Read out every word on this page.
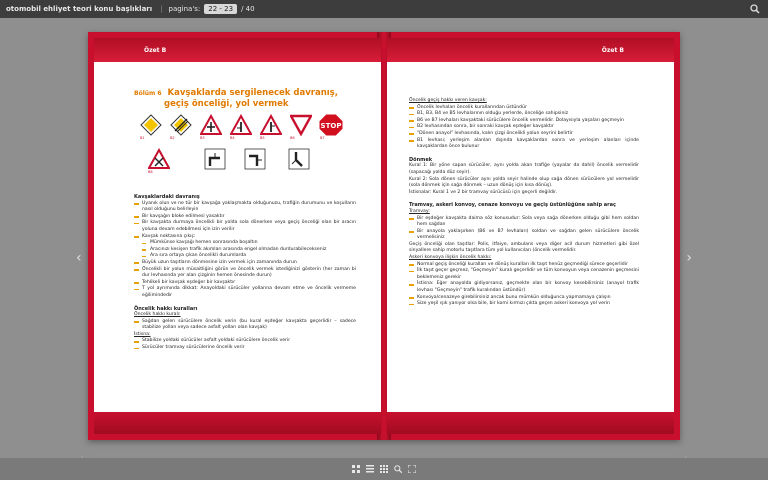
otomobil ehliyet teori konu başlıkları | pagina's:	22 - 23	/ 40
‹	›
Özet B
Bölüm 6 Kavşaklarda sergilenecek davranış,
geçiş önceliği, yol vermek
STOP
B1	B2	B3	B4	B5	B6	B7
B8
Kavşaklardaki davranış
Uyanık olun ve ne tür bir kavşağa yaklaşmakta olduğunuzu, trafiğin durumunu ve koşulların nasıl olduğunu belirleyin
Bir kavşağın bloke edilmesi yasaktır
Bir kavşakta durmaya öncelikli bir yolda sola dönerken veya geçiş önceliği olan bir aracın yoluna devam edebilmesi için izin verilir
Kavşak noktasına çıkış:
Mümkünse kavşağı hemen sonrasında boşaltın
Aracınızı kesişen trafik akımları arasında engel olmadan durdurabilecekseniz
Ara sıra ortaya çıkan öncelikli durumlarda
Büyük uzun taşıtların dönmesine izin vermek için zamanında durun
Öncelikli bir yolun müsaitliğini görün ve öncelik vermek istediğinizi gösterin (her zaman bi dur levhasında yer alan çizginin hemen önesinde durun)
Tehlikeli bir kavşak eşdeğer bir kavşaktır
T yol ayrımında dikkat: Anayoldaki sürücüler yollarına devam etme ve öncelik vermeme eğilimindedir
Öncelik hakkı kuralları
Öncelik hakkı kuralı:
Sağdan gelen sürücülere öncelik verin (bu kural eşdeğer kavşakta geçerlidir – sadece stabilize yollan veya sadece asfalt yolları olan kavşak)
İstisna:
Stabilize yoldaki sürücüler asfalt yoldaki sürücülere öncelik verir
Sürücüler tramvay sürücülerine öncelik verir
Özet B
Öncelik geçiş hakkı veren kavşak:
Öncelik levhaları öncelik kurallarından üstündür
B1, B3, B4 ve B5 levhalarının olduğu yerlerde, önceliğe sahipsiniz
B6 ve B7 levhaları kavşaktaki sürücülere öncelik vermelidir. Dolayısıyla yaşaları geçmeyin
B2 levhasından sonra, bir sonraki kavşak eşdeğer kavşaktır
"Dönen anayol" levhasında, kalın çizgi öncelikli yolun seyrini belirtir
B1 levhası; yerleşim alanları dışında kavşaklardan sonra ve yerleşim alanları içinde kavşaklardan önce bulunur
Dönmek
Kural 1: Bir yöne sapan sürücüler, aynı yolda akan trafiğe (yayalar da dahil) öncelik vermelidir (sapacağı yolda düz seyir).
Kural 2: Sola dönen sürücüler aynı yolda seyir halinde olup sağa dönen sürücülere yol vermelidir (sola dönmek için sağa dönmek – uzun dönüş için kısa dönüş).
İstisnalar: Kural 1 ve 2 bir tramvay sürücüsü için geçerli değildir.
Tramvay, askeri konvoy, cenaze konvoyu ve geçiş üstünlüğüne sahip araç
Tramvay:
Bir eşdeğer kavşakta daima söz konusudur: Sola veya sağa dönerken olduğu gibi hem soldan hem sağdan
Bir anayola yaklaşırken (B6 ve B7 levhaları) soldan ve sağdan gelen sürücülere öncelik vermelisiniz
Geçiş önceliği olan taşıtlar: Polis, itfaiye, ambulans veya diğer acil durum hizmetleri gibi özel sinyallere sahip motorlu taşıtlara tüm yol kullanıcıları (öncelik vermelidir.
Askeri konvoya ilişkin öncelik hakkı:
Normal geçiş önceliği kuralları ve dönüş kuralları ilk taşıt henüz geçmediği sürece geçerlidir
İlk taşıt geçer geçmez, "Geçmeyin" kuralı geçerlidir ve tüm konvoyun veya cenazenin geçmesini beklemeniz gerekir
İstisna: Eğer anayolda gidiyorsanız, geçmekte olan bir konvoy kesebilirsiniz (anayol trafik levhası "Geçmeyin" trafik kuralından üstündür)
Konvoya/cenazeye girebilirsiniz ancak bunu mümkün olduğunca yapmamaya çalışın
Size yeşil ışık yanıyor olsa bile, bir komi kırmızı çıkta geçen askeri konvoya yol verin
